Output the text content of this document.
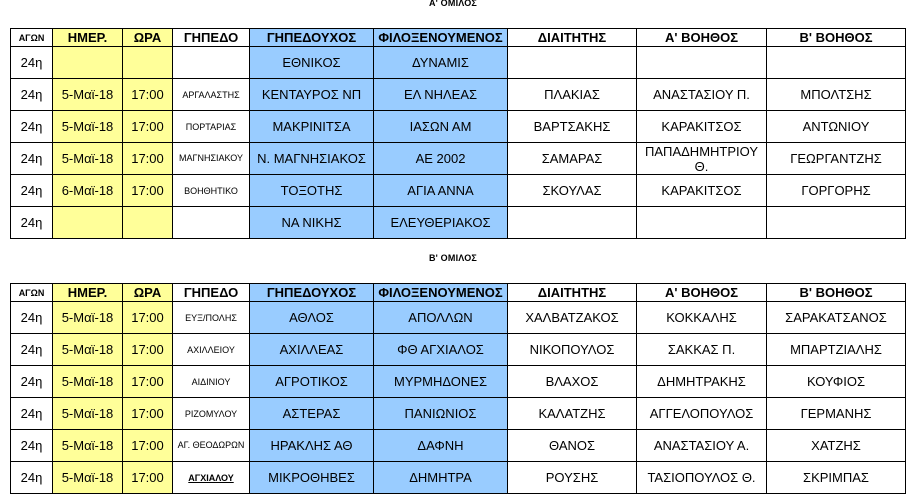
Α' ΟΜΙΛΟΣ
ΑΓΩΝ	ΗΜΕΡ.	ΩΡΑ	ΓΗΠΕΔΟ	ΓΗΠΕΔΟΥΧΟΣ	ΦΙΛΟΞΕΝΟΥΜΕΝΟΣ	ΔΙΑΙΤΗΤΗΣ	Α' ΒΟΗΘΟΣ	Β' ΒΟΗΘΟΣ
24η				ΕΘΝΙΚΟΣ	ΔΥΝΑΜΙΣ			
24η	5-Μαϊ-18	17:00	ΑΡΓΑΛΑΣΤΗΣ	ΚΕΝΤΑΥΡΟΣ ΝΠ	ΕΛ ΝΗΛΕΑΣ	ΠΛΑΚΙΑΣ	ΑΝΑΣΤΑΣΙΟΥ Π.	ΜΠΟΛΤΣΗΣ
24η	5-Μαϊ-18	17:00	ΠΟΡΤΑΡΙΑΣ	ΜΑΚΡΙΝΙΤΣΑ	ΙΑΣΩΝ ΑΜ	ΒΑΡΤΣΑΚΗΣ	ΚΑΡΑΚΙΤΣΟΣ	ΑΝΤΩΝΙΟΥ
24η	5-Μαϊ-18	17:00	ΜΑΓΝΗΣΙΑΚΟΥ	Ν. ΜΑΓΝΗΣΙΑΚΟΣ	ΑΕ 2002	ΣΑΜΑΡΑΣ	ΠΑΠΑΔΗΜΗΤΡΙΟΥ Θ.	ΓΕΩΡΓΑΝΤΖΗΣ
24η	6-Μαϊ-18	17:00	ΒΟΗΘΗΤΙΚΟ	ΤΟΞΟΤΗΣ	ΑΓΙΑ ΑΝΝΑ	ΣΚΟΥΛΑΣ	ΚΑΡΑΚΙΤΣΟΣ	ΓΟΡΓΟΡΗΣ
24η				ΝΑ ΝΙΚΗΣ	ΕΛΕΥΘΕΡΙΑΚΟΣ			
Β' ΟΜΙΛΟΣ
ΑΓΩΝ	ΗΜΕΡ.	ΩΡΑ	ΓΗΠΕΔΟ	ΓΗΠΕΔΟΥΧΟΣ	ΦΙΛΟΞΕΝΟΥΜΕΝΟΣ	ΔΙΑΙΤΗΤΗΣ	Α' ΒΟΗΘΟΣ	Β' ΒΟΗΘΟΣ
24η	5-Μαϊ-18	17:00	ΕΥΞ/ΠΟΛΗΣ	ΑΘΛΟΣ	ΑΠΟΛΛΩΝ	ΧΑΛΒΑΤΖΑΚΟΣ	ΚΟΚΚΑΛΗΣ	ΣΑΡΑΚΑΤΣΑΝΟΣ
24η	5-Μαϊ-18	17:00	ΑΧΙΛΛΕΙΟΥ	ΑΧΙΛΛΕΑΣ	ΦΘ ΑΓΧΙΑΛΟΣ	ΝΙΚΟΠΟΥΛΟΣ	ΣΑΚΚΑΣ Π.	ΜΠΑΡΤΖΙΑΛΗΣ
24η	5-Μαϊ-18	17:00	ΑΙΔΙΝΙΟΥ	ΑΓΡΟΤΙΚΟΣ	ΜΥΡΜΗΔΟΝΕΣ	ΒΛΑΧΟΣ	ΔΗΜΗΤΡΑΚΗΣ	ΚΟΥΦΙΟΣ
24η	5-Μαϊ-18	17:00	ΡΙΖΟΜΥΛΟΥ	ΑΣΤΕΡΑΣ	ΠΑΝΙΩΝΙΟΣ	ΚΑΛΑΤΖΗΣ	ΑΓΓΕΛΟΠΟΥΛΟΣ	ΓΕΡΜΑΝΗΣ
24η	5-Μαϊ-18	17:00	ΑΓ. ΘΕΟΔΩΡΩΝ	ΗΡΑΚΛΗΣ ΑΘ	ΔΑΦΝΗ	ΘΑΝΟΣ	ΑΝΑΣΤΑΣΙΟΥ Α.	ΧΑΤΖΗΣ
24η	5-Μαϊ-18	17:00	ΑΓΧΙΑΛΟΥ	ΜΙΚΡΟΘΗΒΕΣ	ΔΗΜΗΤΡΑ	ΡΟΥΣΗΣ	ΤΑΣΙΟΠΟΥΛΟΣ Θ.	ΣΚΡΙΜΠΑΣ
